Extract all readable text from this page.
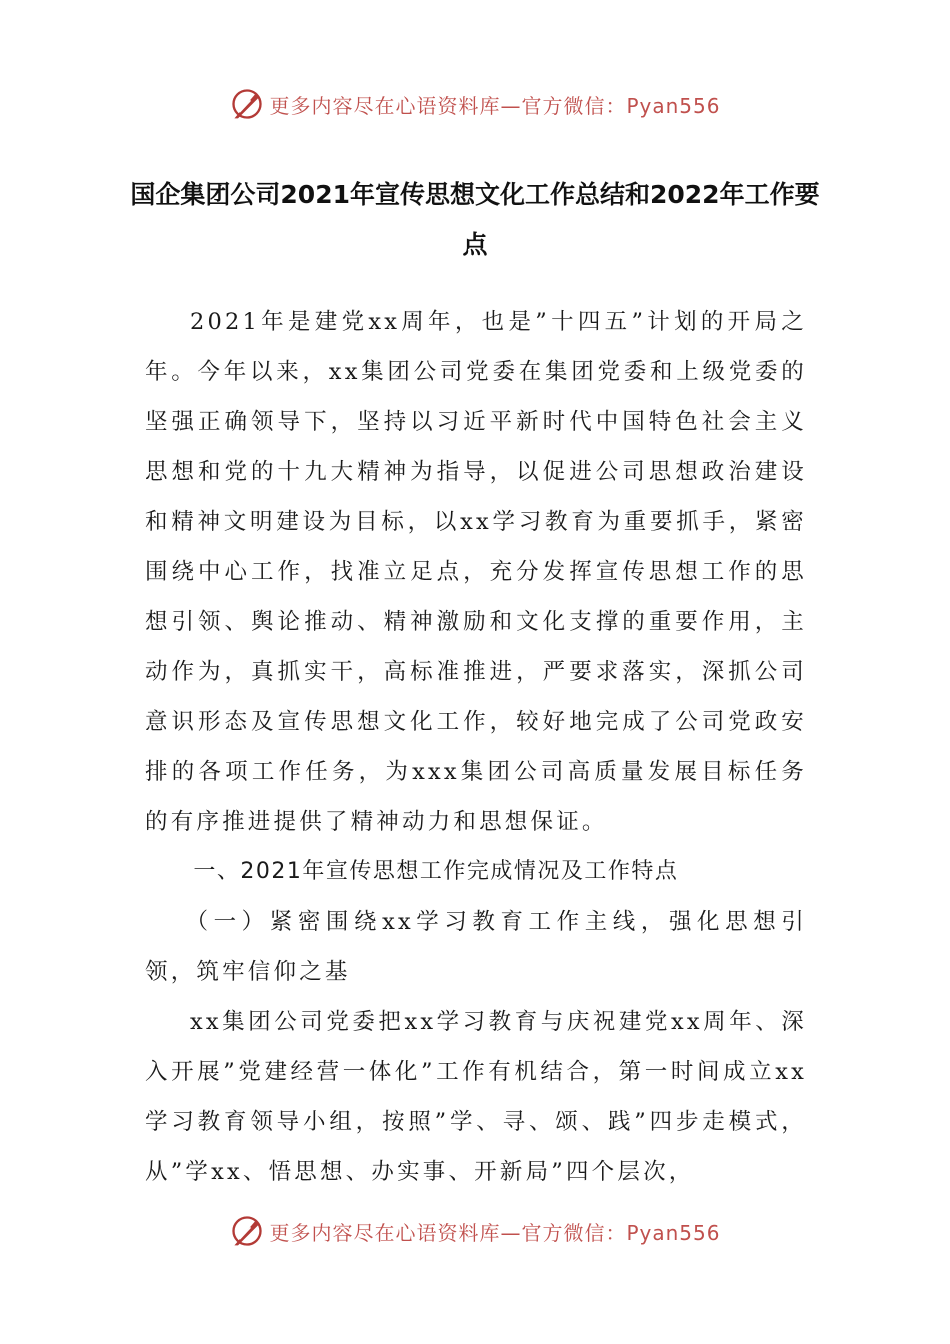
更多内容尽在心语资料库—官方微信：Pyan556
国企集团公司2021年宣传思想文化工作总结和2022年工作要点

2021年是建党xx周年，也是”十四五”计划的开局之年。今年以来，xx集团公司党委在集团党委和上级党委的坚强正确领导下，坚持以习近平新时代中国特色社会主义思想和党的十九大精神为指导，以促进公司思想政治建设和精神文明建设为目标，以xx学习教育为重要抓手，紧密围绕中心工作，找准立足点，充分发挥宣传思想工作的思想引领、舆论推动、精神激励和文化支撑的重要作用，主动作为，真抓实干，高标准推进，严要求落实，深抓公司意识形态及宣传思想文化工作，较好地完成了公司党政安排的各项工作任务，为xxx集团公司高质量发展目标任务的有序推进提供了精神动力和思想保证。

一、2021年宣传思想工作完成情况及工作特点

（一）紧密围绕xx学习教育工作主线，强化思想引领，筑牢信仰之基

xx集团公司党委把xx学习教育与庆祝建党xx周年、深入开展”党建经营一体化”工作有机结合，第一时间成立xx学习教育领导小组，按照”学、寻、颂、践”四步走模式，从”学xx、悟思想、办实事、开新局”四个层次，

更多内容尽在心语资料库—官方微信：Pyan556
